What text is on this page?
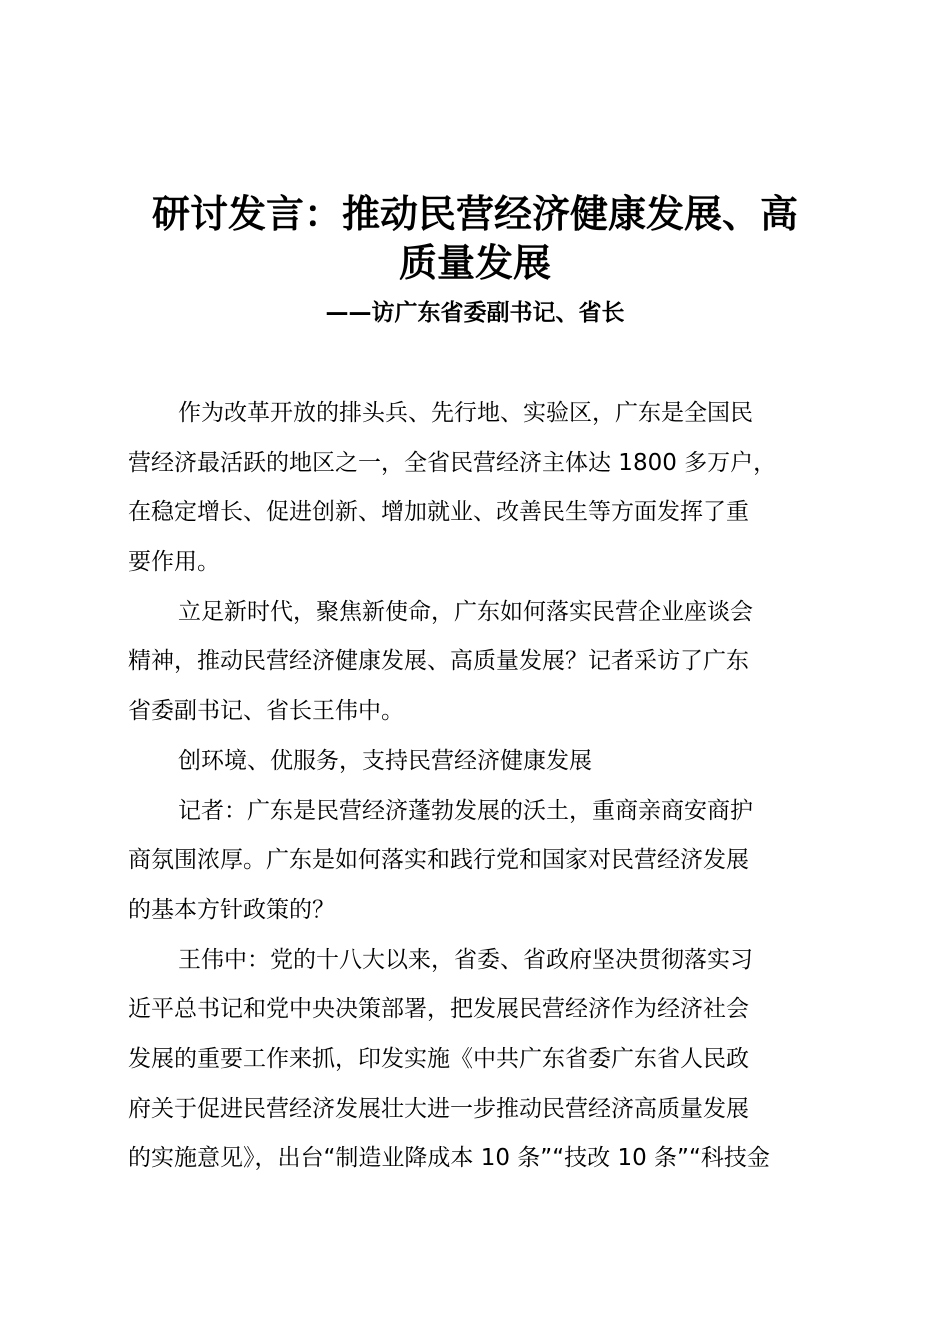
研讨发言：推动民营经济健康发展、高
质量发展
——访广东省委副书记、省长
作为改革开放的排头兵、先行地、实验区，广东是全国民
营经济最活跃的地区之一，全省民营经济主体达 1800 多万户，
在稳定增长、促进创新、增加就业、改善民生等方面发挥了重
要作用。
立足新时代，聚焦新使命，广东如何落实民营企业座谈会
精神，推动民营经济健康发展、高质量发展？记者采访了广东
省委副书记、省长王伟中。
创环境、优服务，支持民营经济健康发展
记者：广东是民营经济蓬勃发展的沃土，重商亲商安商护
商氛围浓厚。广东是如何落实和践行党和国家对民营经济发展
的基本方针政策的？
王伟中：党的十八大以来，省委、省政府坚决贯彻落实习
近平总书记和党中央决策部署，把发展民营经济作为经济社会
发展的重要工作来抓，印发实施《中共广东省委广东省人民政
府关于促进民营经济发展壮大进一步推动民营经济高质量发展
的实施意见》，出台“制造业降成本 10 条”“技改 10 条”“科技金
